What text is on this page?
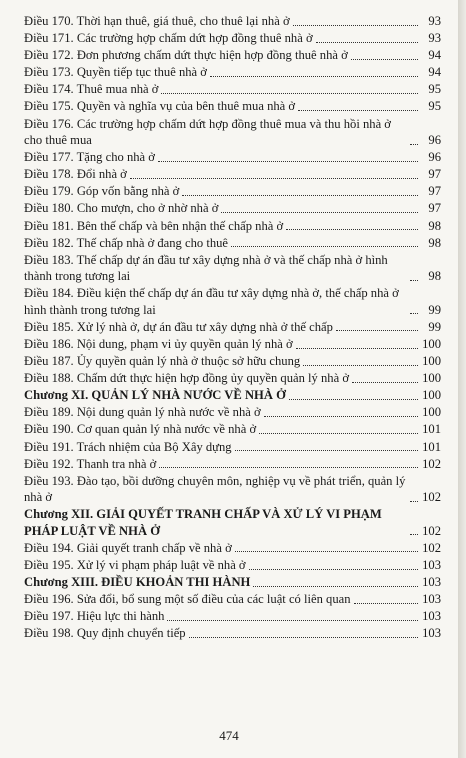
Điều 170. Thời hạn thuê, giá thuê, cho thuê lại nhà ở	93
Điều 171. Các trường hợp chấm dứt hợp đồng thuê nhà ở	93
Điều 172. Đơn phương chấm dứt thực hiện hợp đồng thuê nhà ở	94
Điều 173. Quyền tiếp tục thuê nhà ở	94
Điều 174. Thuê mua nhà ở	95
Điều 175. Quyền và nghĩa vụ của bên thuê mua nhà ở	95
Điều 176. Các trường hợp chấm dứt hợp đồng thuê mua và thu hồi nhà ở cho thuê mua	96
Điều 177. Tặng cho nhà ở	96
Điều 178. Đổi nhà ở	97
Điều 179. Góp vốn bằng nhà ở	97
Điều 180. Cho mượn, cho ở nhờ nhà ở	97
Điều 181. Bên thế chấp và bên nhận thế chấp nhà ở	98
Điều 182. Thế chấp nhà ở đang cho thuê	98
Điều 183. Thế chấp dự án đầu tư xây dựng nhà ở và thế chấp nhà ở hình thành trong tương lai	98
Điều 184. Điều kiện thế chấp dự án đầu tư xây dựng nhà ở, thế chấp nhà ở hình thành trong tương lai	99
Điều 185. Xử lý nhà ở, dự án đầu tư xây dựng nhà ở thế chấp	99
Điều 186. Nội dung, phạm vi ủy quyền quản lý nhà ở	100
Điều 187. Ủy quyền quản lý nhà ở thuộc sở hữu chung	100
Điều 188. Chấm dứt thực hiện hợp đồng ủy quyền quản lý nhà ở	100
Chương XI. QUẢN LÝ NHÀ NƯỚC VỀ NHÀ Ở	100
Điều 189. Nội dung quản lý nhà nước về nhà ở	100
Điều 190. Cơ quan quản lý nhà nước về nhà ở	101
Điều 191. Trách nhiệm của Bộ Xây dựng	101
Điều 192. Thanh tra nhà ở	102
Điều 193. Đào tạo, bồi dưỡng chuyên môn, nghiệp vụ về phát triển, quản lý nhà ở	102
Chương XII. GIẢI QUYẾT TRANH CHẤP VÀ XỬ LÝ VI PHẠM PHÁP LUẬT VỀ NHÀ Ở	102
Điều 194. Giải quyết tranh chấp về nhà ở	102
Điều 195. Xử lý vi phạm pháp luật về nhà ở	103
Chương XIII. ĐIỀU KHOẢN THI HÀNH	103
Điều 196. Sửa đổi, bổ sung một số điều của các luật có liên quan	103
Điều 197. Hiệu lực thi hành	103
Điều 198. Quy định chuyển tiếp	103
474
